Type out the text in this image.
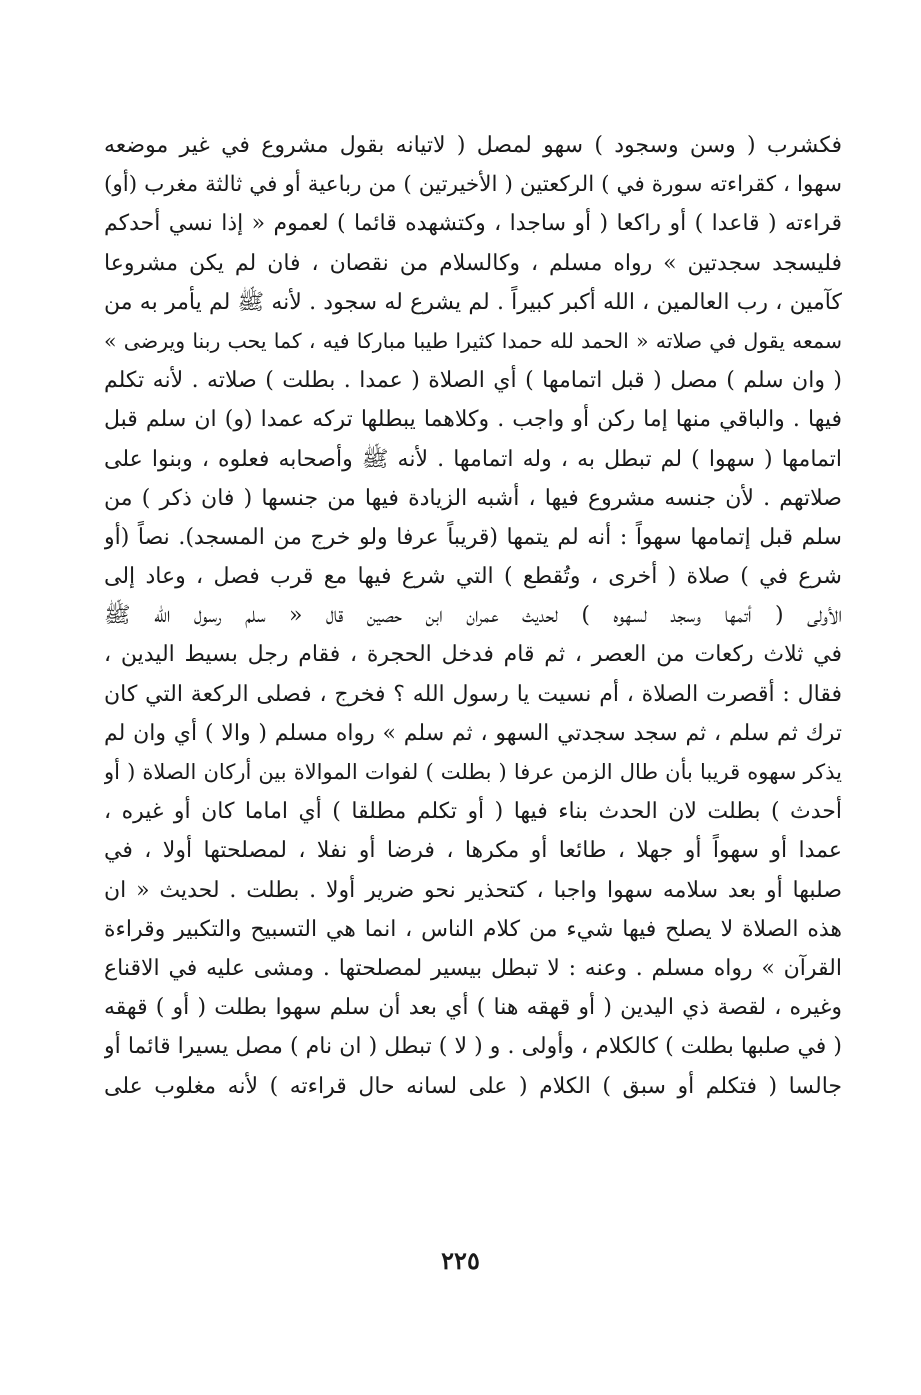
فكشرب ( وسن وسجود ) سهو لمصل ( لاتيانه بقول مشروع في غير موضعه
سهوا ، كقراءته سورة في ) الركعتين ( الأخيرتين ) من رباعية أو في ثالثة مغرب (أو)
قراءته ( قاعدا ) أو راكعا ( أو ساجدا ، وكتشهده قائما ) لعموم « إذا نسي أحدكم
فليسجد سجدتين » رواه مسلم ، وكالسلام من نقصان ، فان لم يكن مشروعا
كآمين ، رب العالمين ، الله أكبر كبيراً . لم يشرع له سجود . لأنه ﷺ لم يأمر به من
سمعه يقول في صلاته « الحمد لله حمدا كثيرا طيبا مباركا فيه ، كما يحب ربنا ويرضى »
( وان سلم ) مصل ( قبل اتمامها ) أي الصلاة ( عمدا . بطلت ) صلاته . لأنه تكلم
فيها . والباقي منها إما ركن أو واجب . وكلاهما يبطلها تركه عمدا (و) ان سلم قبل
اتمامها ( سهوا ) لم تبطل به ، وله اتمامها . لأنه ﷺ وأصحابه فعلوه ، وبنوا على
صلاتهم . لأن جنسه مشروع فيها ، أشبه الزيادة فيها من جنسها ( فان ذكر ) من
سلم قبل إتمامها سهواً : أنه لم يتمها (قريباً عرفا ولو خرج من المسجد). نصاً (أو
شرع في ) صلاة ( أخرى ، وتُقطع ) التي شرع فيها مع قرب فصل ، وعاد إلى
الأولى ( أتمها وسجد لسهوه ) لحديث عمران ابن حصين قال « سلم رسول الله ﷺ
في ثلاث ركعات من العصر ، ثم قام فدخل الحجرة ، فقام رجل بسيط اليدين ،
فقال : أقصرت الصلاة ، أم نسيت يا رسول الله ؟ فخرج ، فصلى الركعة التي كان
ترك ثم سلم ، ثم سجد سجدتي السهو ، ثم سلم » رواه مسلم ( والا ) أي وان لم
يذكر سهوه قريبا بأن طال الزمن عرفا ( بطلت ) لفوات الموالاة بين أركان الصلاة ( أو
أحدث ) بطلت لان الحدث بناء فيها ( أو تكلم مطلقا ) أي اماما كان أو غيره ،
عمدا أو سهواً أو جهلا ، طائعا أو مكرها ، فرضا أو نفلا ، لمصلحتها أولا ، في
صلبها أو بعد سلامه سهوا واجبا ، كتحذير نحو ضرير أولا . بطلت . لحديث « ان
هذه الصلاة لا يصلح فيها شيء من كلام الناس ، انما هي التسبيح والتكبير وقراءة
القرآن » رواه مسلم . وعنه : لا تبطل بيسير لمصلحتها . ومشى عليه في الاقناع
وغيره ، لقصة ذي اليدين ( أو قهقه هنا ) أي بعد أن سلم سهوا بطلت ( أو ) قهقه
( في صلبها بطلت ) كالكلام ، وأولى . و ( لا ) تبطل ( ان نام ) مصل يسيرا قائما أو
جالسا ( فتكلم أو سبق ) الكلام ( على لسانه حال قراءته ) لأنه مغلوب على
٢٢٥
